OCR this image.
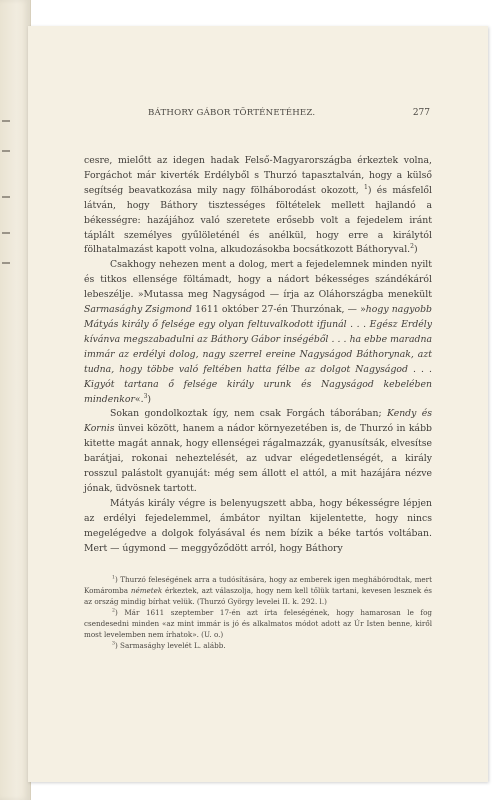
BÁTHORY GÁBOR TÖRTÉNETÉHEZ.	277

cesre, mielőtt az idegen hadak Felső-Magyarországba érkeztek volna, Forgáchot már kiverték Erdélyből s Thurzó tapasztalván, hogy a külső segítség beavatkozása mily nagy fölháborodást okozott, $^1$) és másfelől látván, hogy Báthory tisztességes föltételek mellett hajlandó a békességre: hazájához való szeretete erősebb volt a fejedelem iránt táplált személyes gyűlöleténél és anélkül, hogy erre a királytól fölhatalmazást kapott volna, alkudozásokba bocsátkozott Báthoryval.$^2$)

Csakhogy nehezen ment a dolog, mert a fejedelemnek minden nyilt és titkos ellensége föltámadt, hogy a nádort békességes szándékáról lebeszélje. »Mutassa meg Nagyságod — írja az Oláhországba menekült Sarmasághy Zsigmond 1611 október 27-én Thurzónak, — »hogy nagyobb Mátyás király ő felsége egy olyan feltuvalkodott ifjunál . . . Egész Erdély kívánva megszabadulni az Báthory Gábor inségéből . . . ha ebbe maradna immár az erdélyi dolog, nagy szerrel ereine Nagyságod Báthorynak, azt tudna, hogy többe való feltében hatta félbe az dolgot Nagyságod . . . Kigyót tartana ő felsége király urunk és Nagyságod kebelében mindenkor«.$^3$)

Sokan gondolkoztak így, nem csak Forgách táborában; Kendy és Kornis ünvei között, hanem a nádor környezetében is, de Thurzó in kább kitette magát annak, hogy ellenségei rágalmazzák, gyanusítsák, elvesítse barátjai, rokonai neheztelését, az udvar elégedetlenségét, a király rosszul palástolt gyanuját: még sem állott el attól, a mit hazájára nézve jónak, üdvösnek tartott.

Mátyás király végre is belenyugszett abba, hogy békességre lépjen az erdélyi fejedelemmel, ámbátor nyiltan kijelentette, hogy nincs megelégedve a dolgok folyásával és nem bízik a béke tartós voltában. Mert — úgymond — meggyőződött arról, hogy Báthory

$^1$) Thurzó feleségének arra a tudósítására, hogy az emberek igen meghábórodtak, mert Komáromba németek érkeztek, azt válaszolja, hogy nem kell tőlük tartani, kevesen lesznek és az ország mindig bírhat velük. (Thurzó György levelei II. k. 292. l.)

$^2$) Már 1611 szeptember 17-én azt írta feleségének, hogy hamarosan le fog csendesedni minden «az mint immár is jó és alkalmatos módot adott az Úr Isten benne, kiről most levelemben nem írhatok». (U. o.)

$^3$) Sarmasághy levelét L. alább.
